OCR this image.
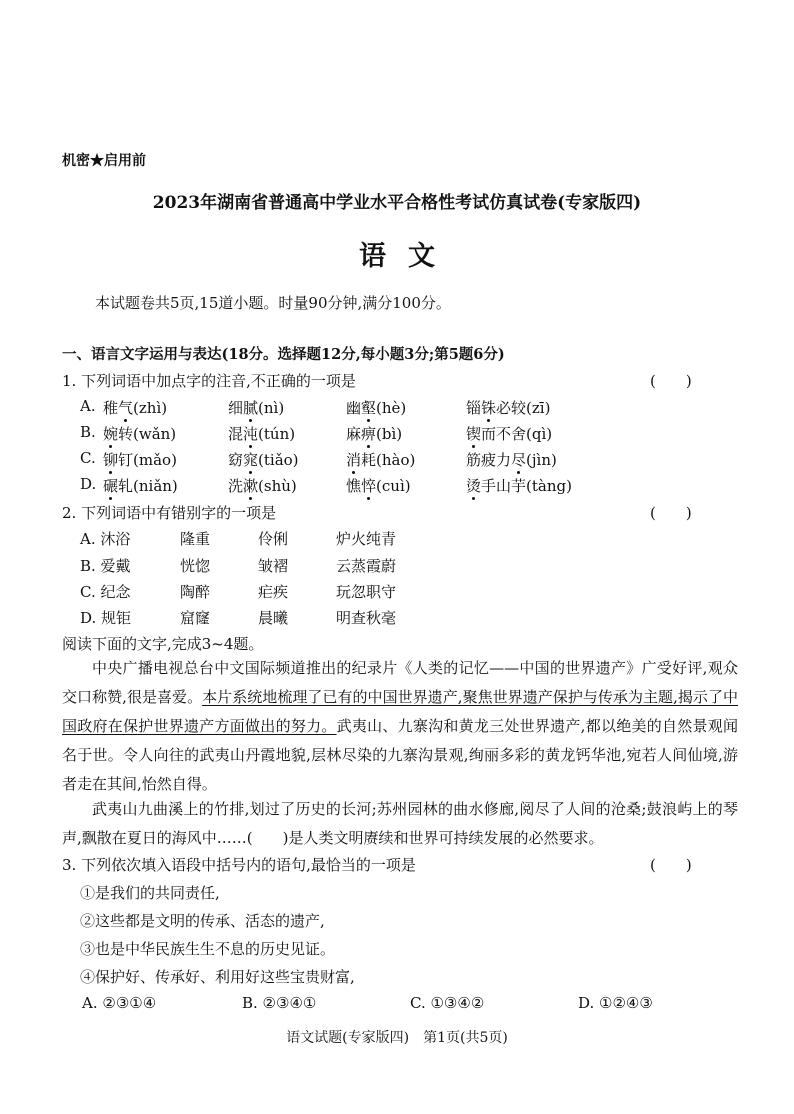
机密★启用前
2023年湖南省普通高中学业水平合格性考试仿真试卷(专家版四)
语文
本试题卷共5页,15道小题。时量90分钟,满分100分。
一、语言文字运用与表达(18分。选择题12分,每小题3分;第5题6分)
1. 下列词语中加点字的注音,不正确的一项是	(　　)
A. 稚气(zhì)	细腻(nì)	幽壑(hè)	锱铢必较(zī)
B. 婉转(wǎn)	混沌(tún)	麻痹(bì)	锲而不舍(qì)
C. 铆钉(mǎo)	窈窕(tiǎo)	消耗(hào)	筋疲力尽(jìn)
D. 碾轧(niǎn)	洗漱(shù)	憔悴(cuì)	烫手山芋(tàng)
2. 下列词语中有错别字的一项是	(　　)
A. 沐浴	隆重	伶俐	炉火纯青
B. 爱戴	恍惚	皱褶	云蒸霞蔚
C. 纪念	陶醉	疟疾	玩忽职守
D. 规钜	窟窿	晨曦	明查秋毫
阅读下面的文字,完成3~4题。
中央广播电视总台中文国际频道推出的纪录片《人类的记忆——中国的世界遗产》广受好评,观众交口称赞,很是喜爱。本片系统地梳理了已有的中国世界遗产,聚焦世界遗产保护与传承为主题,揭示了中国政府在保护世界遗产方面做出的努力。武夷山、九寨沟和黄龙三处世界遗产,都以绝美的自然景观闻名于世。令人向往的武夷山丹霞地貌,层林尽染的九寨沟景观,绚丽多彩的黄龙钙华池,宛若人间仙境,游者走在其间,怡然自得。
武夷山九曲溪上的竹排,划过了历史的长河;苏州园林的曲水修廊,阅尽了人间的沧桑;鼓浪屿上的琴声,飘散在夏日的海风中……(　　)是人类文明赓续和世界可持续发展的必然要求。
3. 下列依次填入语段中括号内的语句,最恰当的一项是	(　　)
①是我们的共同责任,
②这些都是文明的传承、活态的遗产,
③也是中华民族生生不息的历史见证。
④保护好、传承好、利用好这些宝贵财富,
A. ②③①④	B. ②③④①	C. ①③④②	D. ①②④③
语文试题(专家版四)　第1页(共5页)
